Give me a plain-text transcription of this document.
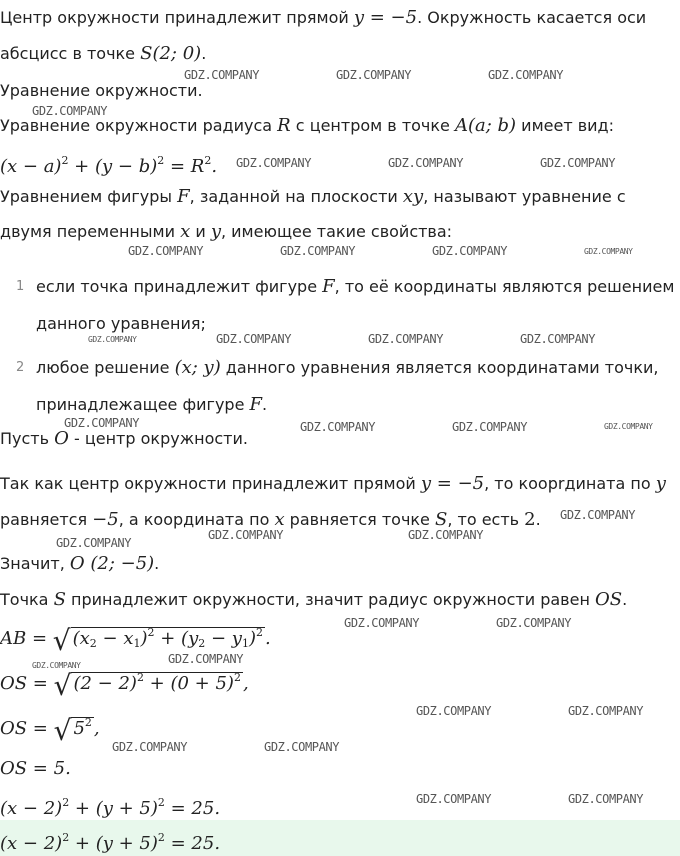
Центр окружности принадлежит прямой y = −5. Окружность касается оси
абсцисс в точке S(2; 0).
Уравнение окружности.
Уравнение окружности радиуса R с центром в точке A(a; b) имеет вид:
$(x - a)^2 + (y - b)^2 = R^2$.
Уравнением фигуры F, заданной на плоскости xy, называют уравнение с
двумя переменными x и y, имеющее такие свойства:
1 если точка принадлежит фигуре F, то её координаты являются решением
данного уравнения;
2 любое решение (x; y) данного уравнения является координатами точки,
принадлежащее фигуре F.
Пусть O - центр окружности.
Так как центр окружности принадлежит прямой y = −5, то коорrдината по y
равняется −5, а координата по x равняется точке S, то есть 2.
Значит, O (2; −5).
Точка S принадлежит окружности, значит радиус окружности равен OS.
AB = √ $(x_2 - x_1)^2 + (y_2 - y_1)^2$ .
OS = √ $(2 - 2)^2 + (0 + 5)^2$ ,
OS = √ $5^2$ ,
OS = 5.
$(x - 2)^2 + (y + 5)^2 = 25$.
$(x - 2)^2 + (y + 5)^2 = 25$.
GDZ.COMPANY	GDZ.COMPANY	GDZ.COMPANY
GDZ.COMPANY
GDZ.COMPANY	GDZ.COMPANY	GDZ.COMPANY
GDZ.COMPANY	GDZ.COMPANY	GDZ.COMPANY	GDZ.COMPANY
GDZ.COMPANY	GDZ.COMPANY	GDZ.COMPANY	GDZ.COMPANY
GDZ.COMPANY	GDZ.COMPANY	GDZ.COMPANY	GDZ.COMPANY
GDZ.COMPANY
GDZ.COMPANY
GDZ.COMPANY	GDZ.COMPANY
GDZ.COMPANY	GDZ.COMPANY
GDZ.COMPANY	GDZ.COMPANY
GDZ.COMPANY	GDZ.COMPANY
GDZ.COMPANY	GDZ.COMPANY
GDZ.COMPANY	GDZ.COMPANY
